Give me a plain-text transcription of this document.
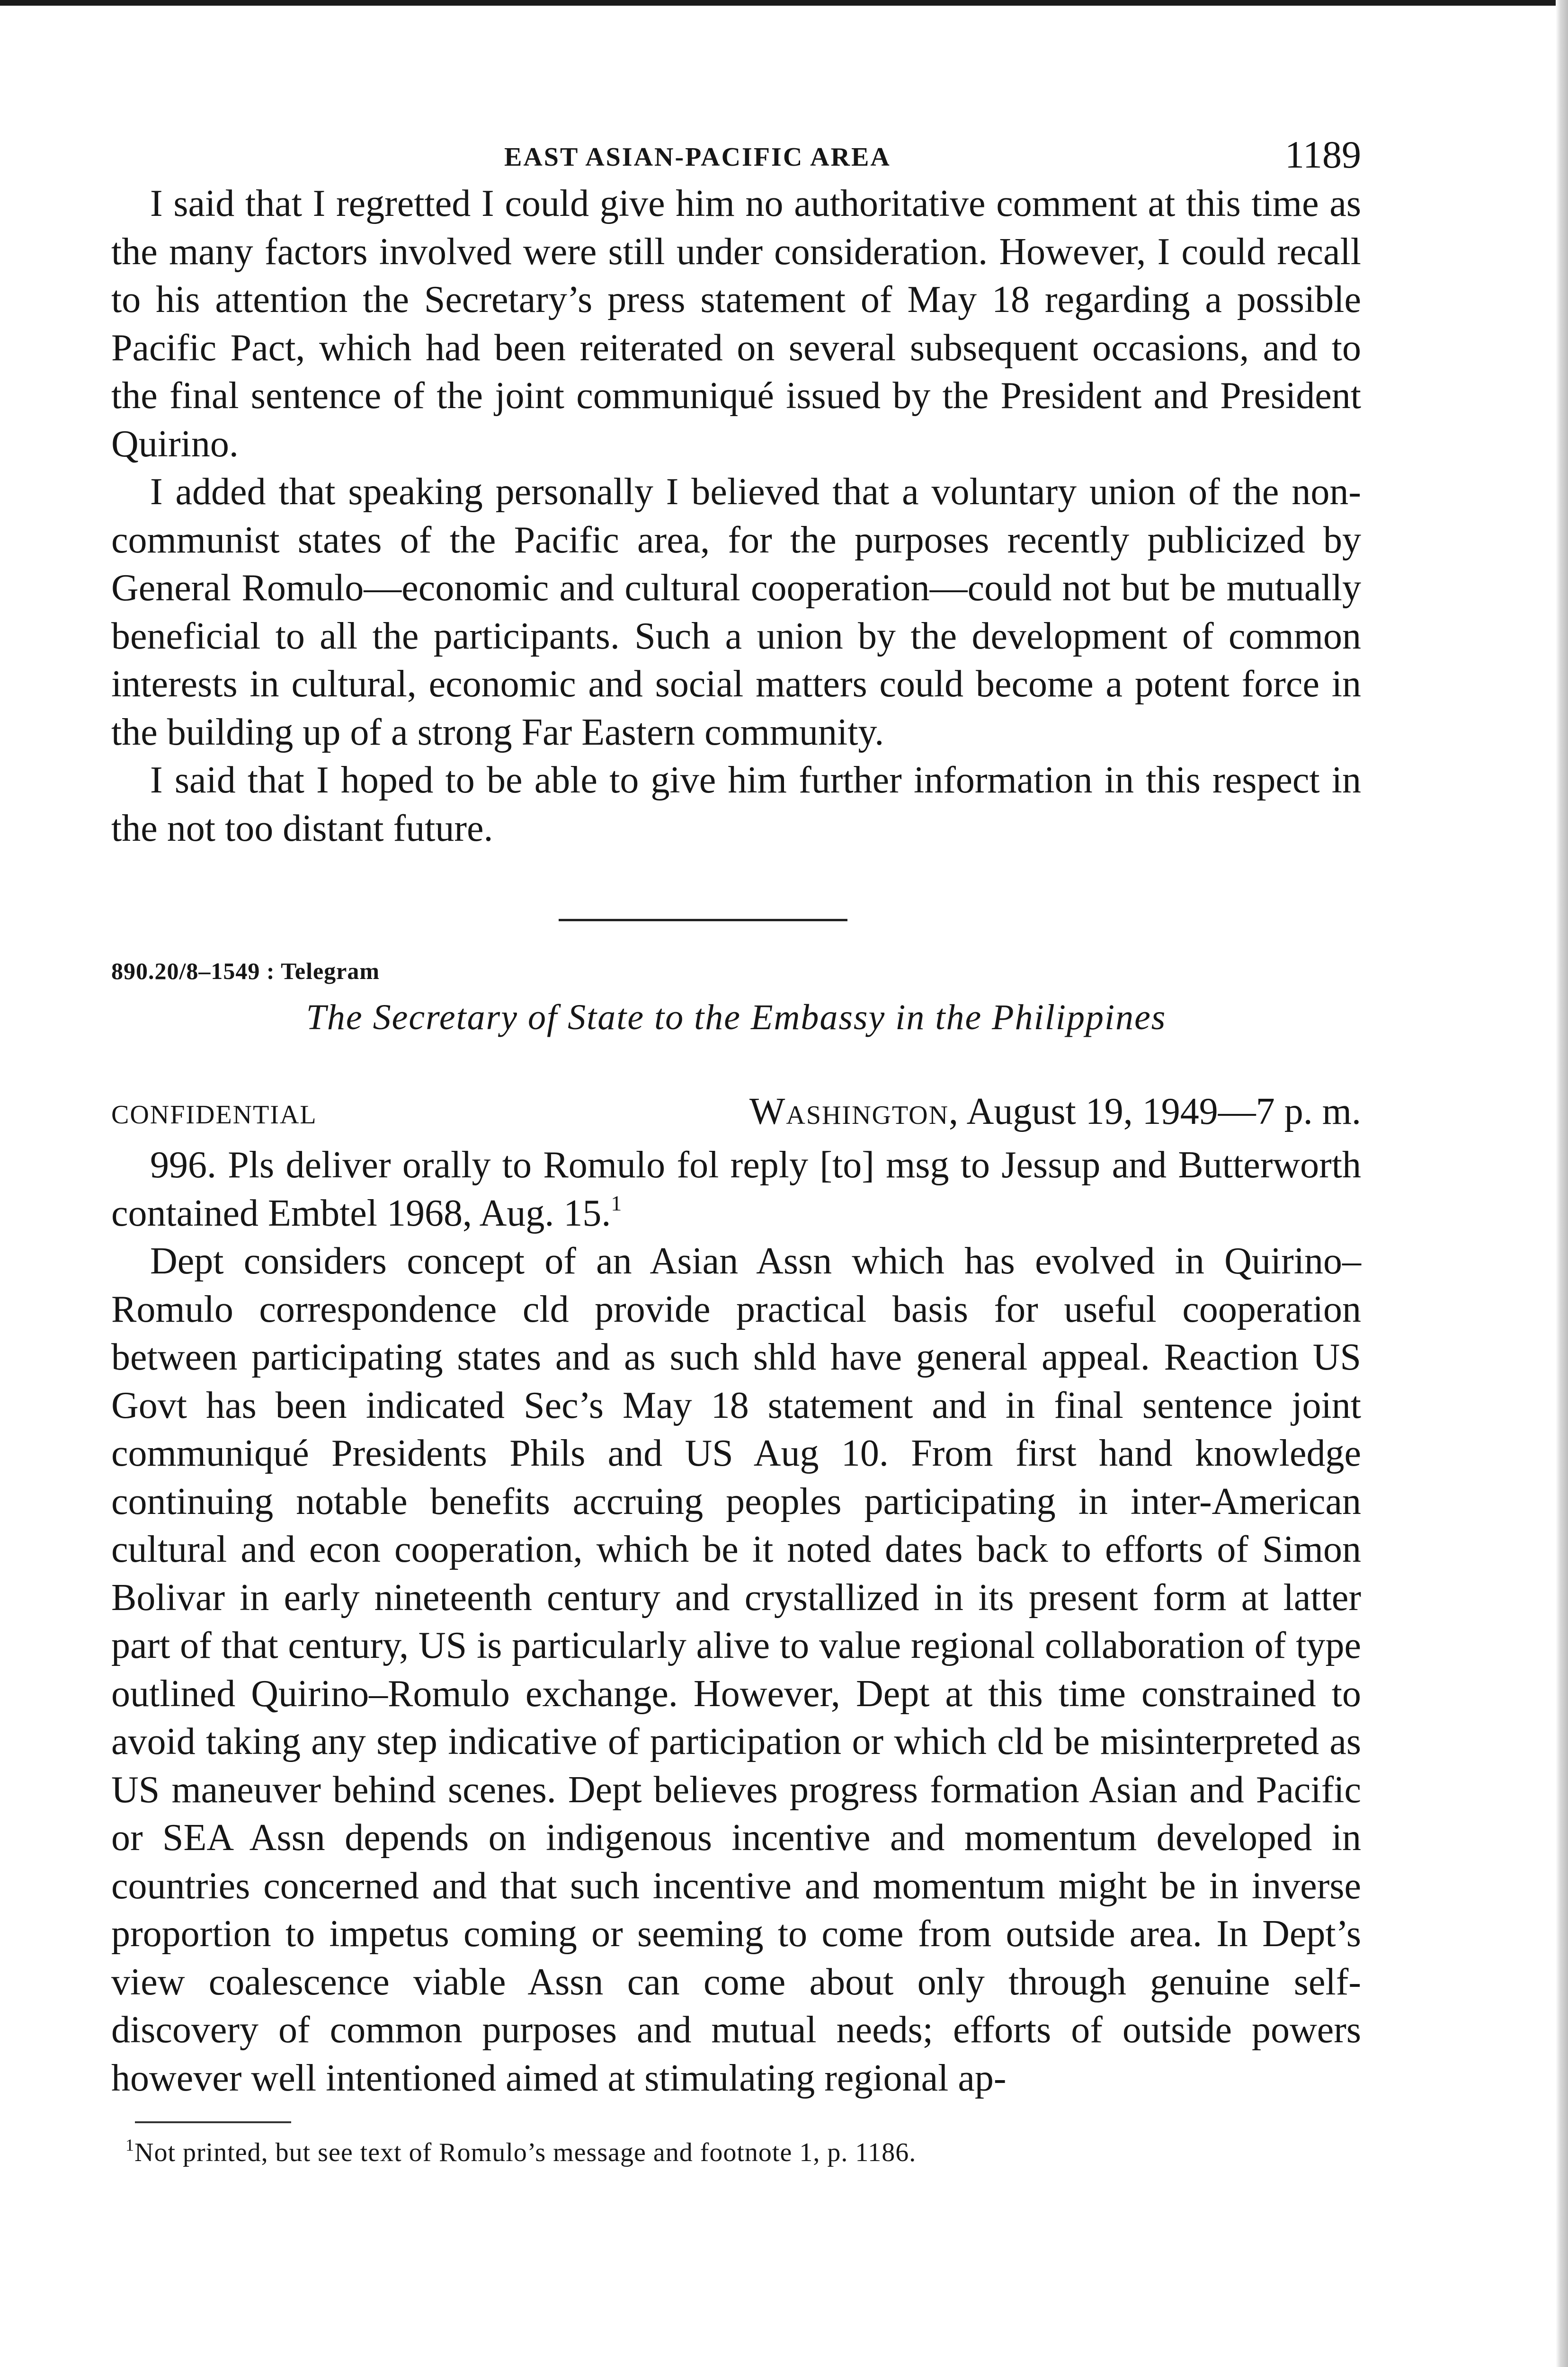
EAST ASIAN-PACIFIC AREA	1189

I said that I regretted I could give him no authoritative comment at this time as the many factors involved were still under consideration. However, I could recall to his attention the Secretary’s press statement of May 18 regarding a possible Pacific Pact, which had been reiterated on several subsequent occasions, and to the final sentence of the joint communiqué issued by the President and President Quirino.

I added that speaking personally I believed that a voluntary union of the non-communist states of the Pacific area, for the purposes recently publicized by General Romulo—economic and cultural cooperation—could not but be mutually beneficial to all the participants. Such a union by the development of common interests in cultural, economic and social matters could become a potent force in the building up of a strong Far Eastern community.

I said that I hoped to be able to give him further information in this respect in the not too distant future.

890.20/8–1549 : Telegram

The Secretary of State to the Embassy in the Philippines

CONFIDENTIAL	Washington, August 19, 1949—7 p. m.

996. Pls deliver orally to Romulo fol reply [to] msg to Jessup and Butterworth contained Embtel 1968, Aug. 15.$^1$

Dept considers concept of an Asian Assn which has evolved in Quirino–Romulo correspondence cld provide practical basis for useful cooperation between participating states and as such shld have general appeal. Reaction US Govt has been indicated Sec’s May 18 statement and in final sentence joint communiqué Presidents Phils and US Aug 10. From first hand knowledge continuing notable benefits accruing peoples participating in inter-American cultural and econ cooperation, which be it noted dates back to efforts of Simon Bolivar in early nineteenth century and crystallized in its present form at latter part of that century, US is particularly alive to value regional collaboration of type outlined Quirino–Romulo exchange. However, Dept at this time constrained to avoid taking any step indicative of participation or which cld be misinterpreted as US maneuver behind scenes. Dept believes progress formation Asian and Pacific or SEA Assn depends on indigenous incentive and momentum developed in countries concerned and that such incentive and momentum might be in inverse proportion to impetus coming or seeming to come from outside area. In Dept’s view coalescence viable Assn can come about only through genuine self-discovery of common purposes and mutual needs; efforts of outside powers however well intentioned aimed at stimulating regional ap-

$^1$Not printed, but see text of Romulo’s message and footnote 1, p. 1186.
